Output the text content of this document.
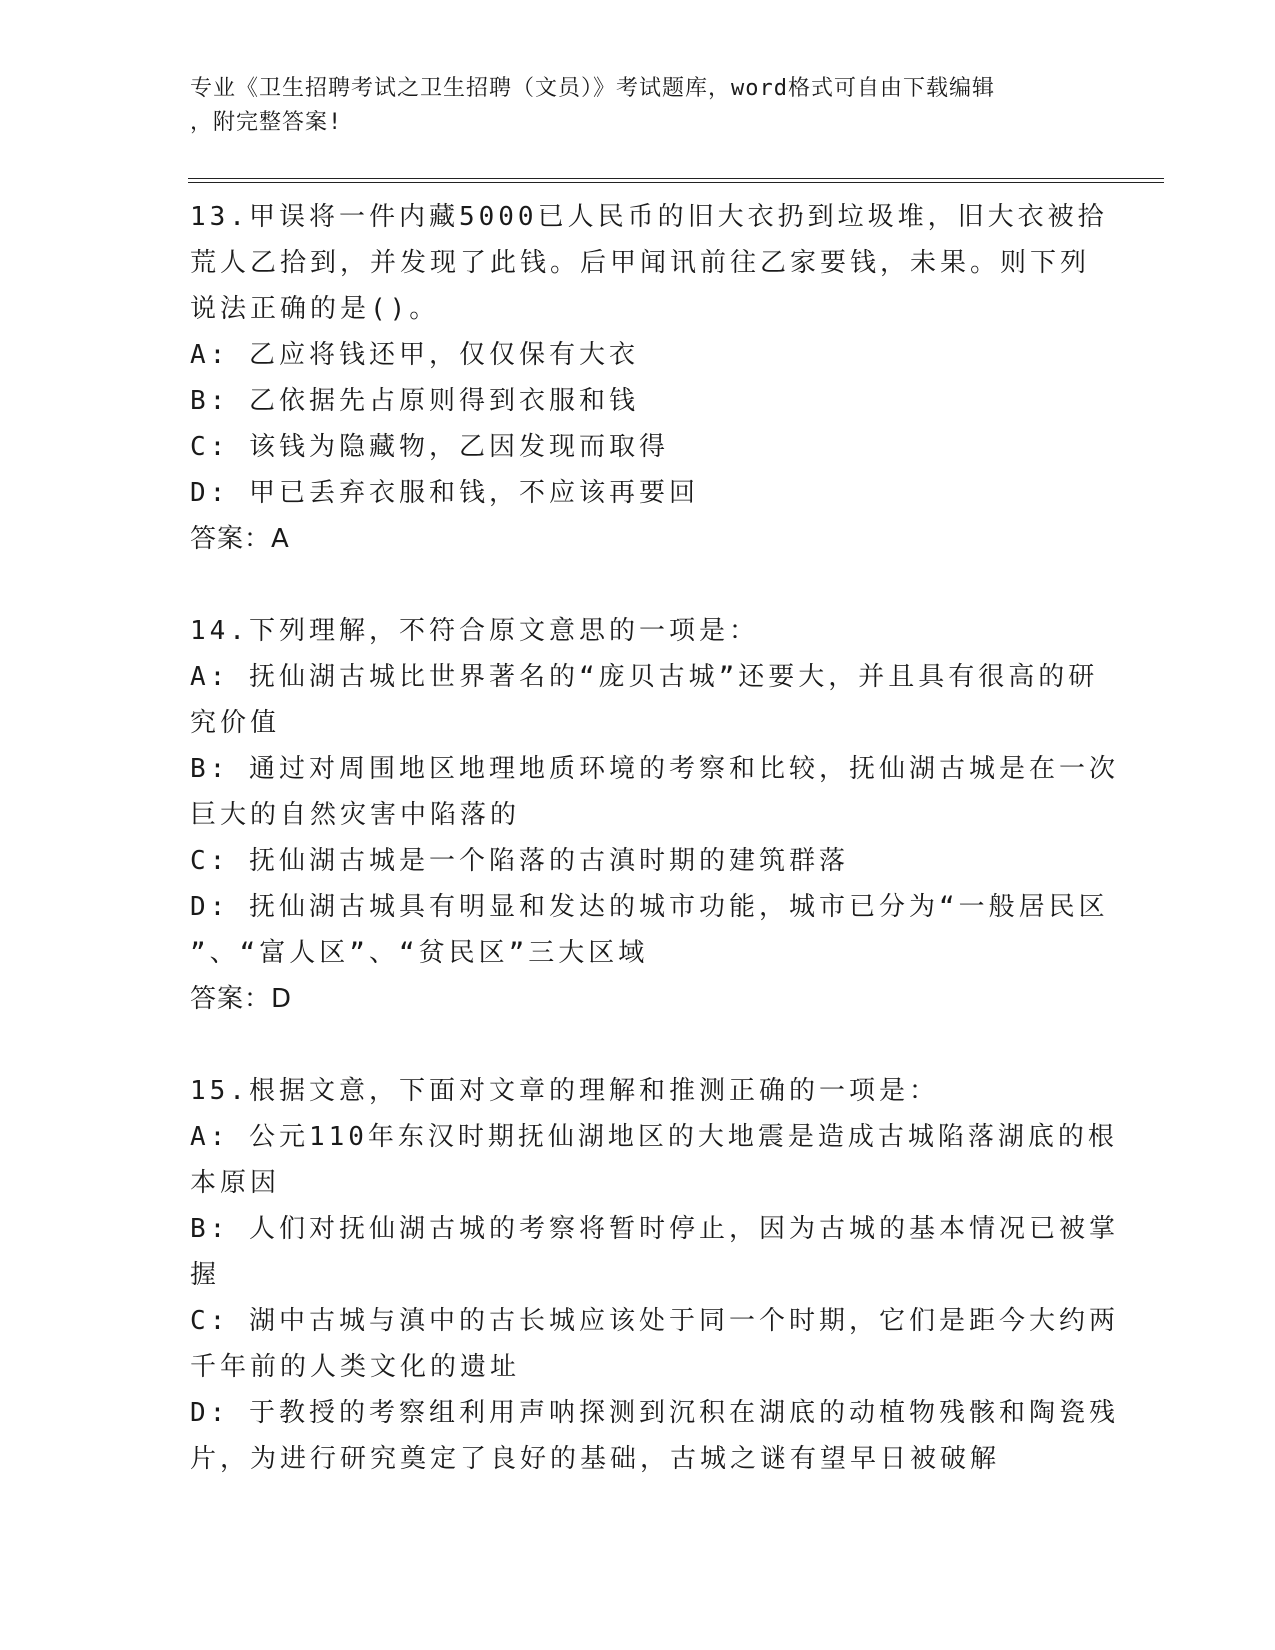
专业《卫生招聘考试之卫生招聘（文员）》考试题库，word格式可自由下载编辑
，附完整答案!
13.甲误将一件内藏5000已人民币的旧大衣扔到垃圾堆，旧大衣被拾
荒人乙拾到，并发现了此钱。后甲闻讯前往乙家要钱，未果。则下列
说法正确的是()。
A: 乙应将钱还甲，仅仅保有大衣
B: 乙依据先占原则得到衣服和钱
C: 该钱为隐藏物，乙因发现而取得
D: 甲已丢弃衣服和钱，不应该再要回
答案：A
14.下列理解，不符合原文意思的一项是：
A: 抚仙湖古城比世界著名的“庞贝古城”还要大，并且具有很高的研
究价值
B: 通过对周围地区地理地质环境的考察和比较，抚仙湖古城是在一次
巨大的自然灾害中陷落的
C: 抚仙湖古城是一个陷落的古滇时期的建筑群落
D: 抚仙湖古城具有明显和发达的城市功能，城市已分为“一般居民区
”、“富人区”、“贫民区”三大区域
答案：D
15.根据文意，下面对文章的理解和推测正确的一项是：
A: 公元110年东汉时期抚仙湖地区的大地震是造成古城陷落湖底的根
本原因
B: 人们对抚仙湖古城的考察将暂时停止，因为古城的基本情况已被掌
握
C: 湖中古城与滇中的古长城应该处于同一个时期，它们是距今大约两
千年前的人类文化的遗址
D: 于教授的考察组利用声呐探测到沉积在湖底的动植物残骸和陶瓷残
片，为进行研究奠定了良好的基础，古城之谜有望早日被破解
